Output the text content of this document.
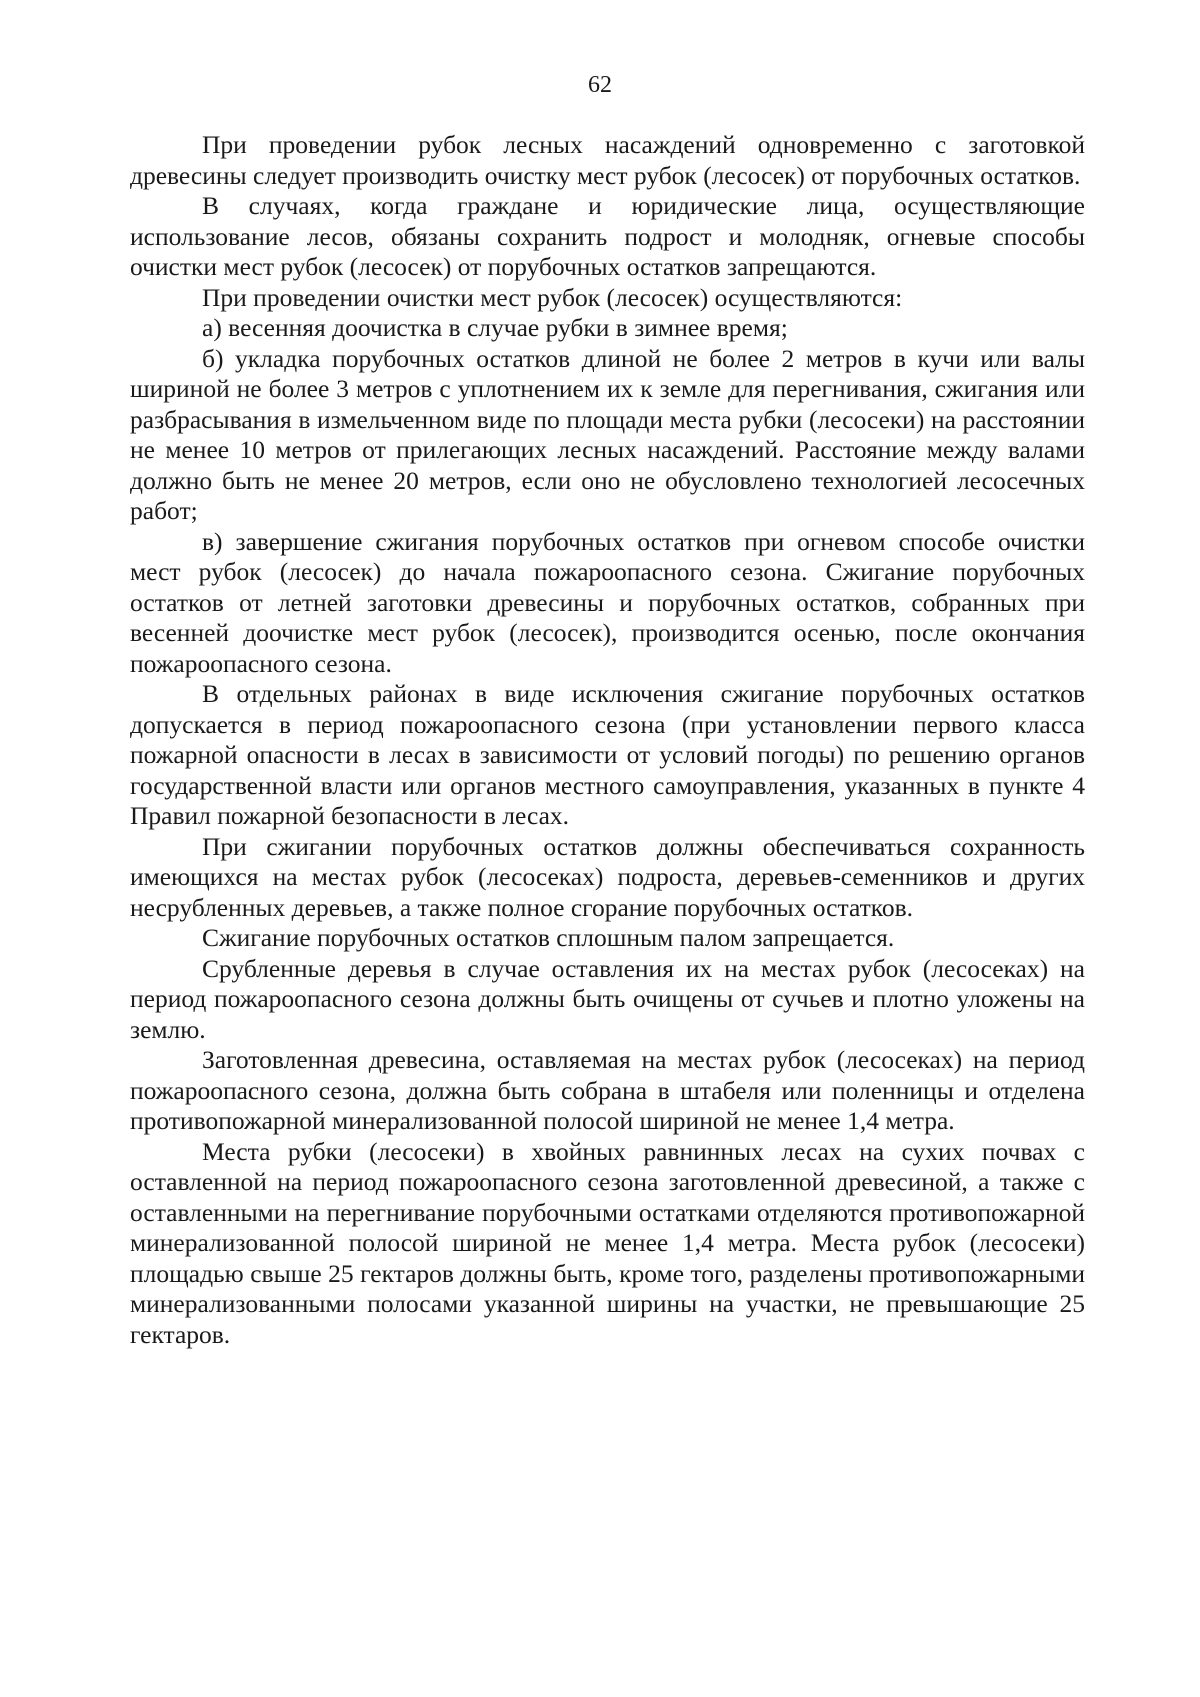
62

При проведении рубок лесных насаждений одновременно с заготовкой древесины следует производить очистку мест рубок (лесосек) от порубочных остатков.

В случаях, когда граждане и юридические лица, осуществляющие использование лесов, обязаны сохранить подрост и молодняк, огневые способы очистки мест рубок (лесосек) от порубочных остатков запрещаются.

При проведении очистки мест рубок (лесосек) осуществляются:

а) весенняя доочистка в случае рубки в зимнее время;

б) укладка порубочных остатков длиной не более 2 метров в кучи или валы шириной не более 3 метров с уплотнением их к земле для перегнивания, сжигания или разбрасывания в измельченном виде по площади места рубки (лесосеки) на расстоянии не менее 10 метров от прилегающих лесных насаждений. Расстояние между валами должно быть не менее 20 метров, если оно не обусловлено технологией лесосечных работ;

в) завершение сжигания порубочных остатков при огневом способе очистки мест рубок (лесосек) до начала пожароопасного сезона. Сжигание порубочных остатков от летней заготовки древесины и порубочных остатков, собранных при весенней доочистке мест рубок (лесосек), производится осенью, после окончания пожароопасного сезона.

В отдельных районах в виде исключения сжигание порубочных остатков допускается в период пожароопасного сезона (при установлении первого класса пожарной опасности в лесах в зависимости от условий погоды) по решению органов государственной власти или органов местного самоуправления, указанных в пункте 4 Правил пожарной безопасности в лесах.

При сжигании порубочных остатков должны обеспечиваться сохранность имеющихся на местах рубок (лесосеках) подроста, деревьев-семенников и других несрубленных деревьев, а также полное сгорание порубочных остатков.

Сжигание порубочных остатков сплошным палом запрещается.

Срубленные деревья в случае оставления их на местах рубок (лесосеках) на период пожароопасного сезона должны быть очищены от сучьев и плотно уложены на землю.

Заготовленная древесина, оставляемая на местах рубок (лесосеках) на период пожароопасного сезона, должна быть собрана в штабеля или поленницы и отделена противопожарной минерализованной полосой шириной не менее 1,4 метра.

Места рубки (лесосеки) в хвойных равнинных лесах на сухих почвах с оставленной на период пожароопасного сезона заготовленной древесиной, а также с оставленными на перегнивание порубочными остатками отделяются противопожарной минерализованной полосой шириной не менее 1,4 метра. Места рубок (лесосеки) площадью свыше 25 гектаров должны быть, кроме того, разделены противопожарными минерализованными полосами указанной ширины на участки, не превышающие 25 гектаров.
